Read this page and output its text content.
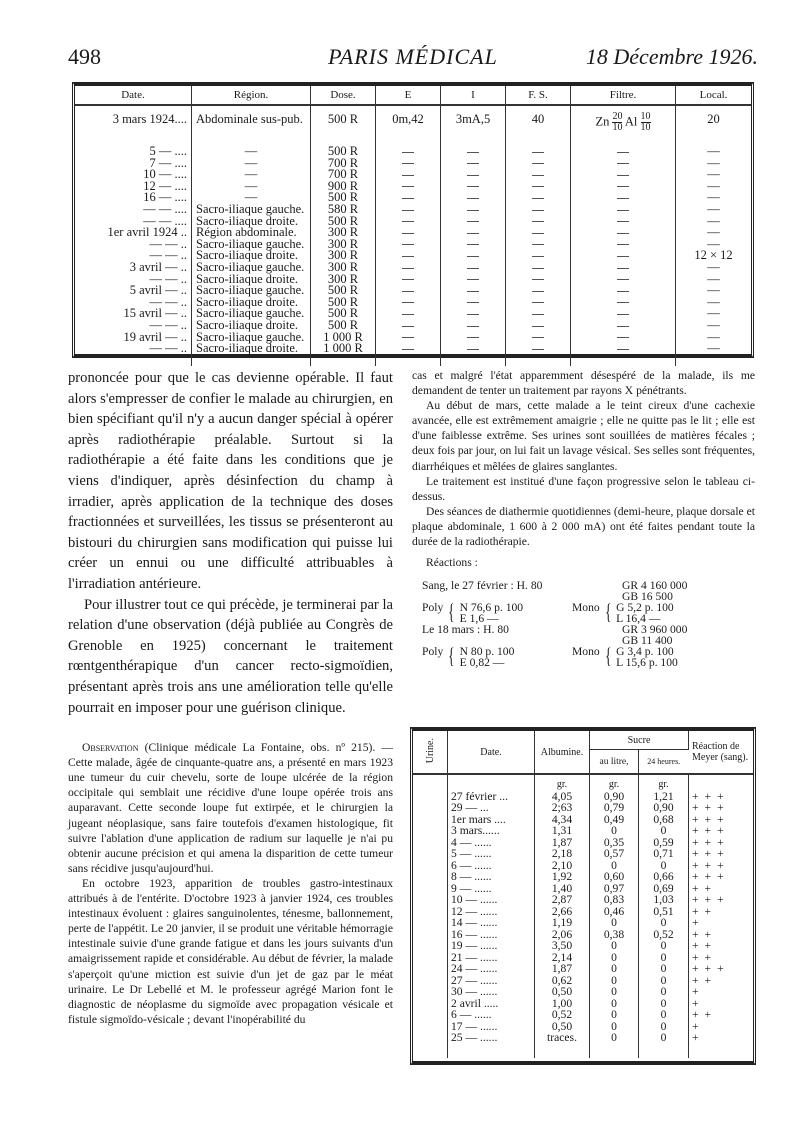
498	PARIS MÉDICAL	18 Décembre 1926.
Date.	Région.	Dose.	E	I	F. S.	Filtre.	Local.
3 mars 1924....	Abdominale sus-pub.	500 R	0m,42	3mA,5	40	Zn $\frac{20}{10}$ Al $\frac{10}{10}$	20
5 — ....	—	500 R					—
7 — ....	—	700 R					—
10 — ....	—	700 R					—
12 — ....	—	900 R					—
16 — ....	—	500 R					—
— — ....	Sacro-iliaque gauche.	580 R					—
— — ....	Sacro-iliaque droite.	500 R					—
1er avril 1924 ..	Région abdominale.	300 R					—
— — ..	Sacro-iliaque gauche.	300 R					—
— — ..	Sacro-iliaque droite.	300 R					12 × 12
3 avril — ..	Sacro-iliaque gauche.	300 R					—
— — ..	Sacro-iliaque droite.	300 R					—
5 avril — ..	Sacro-iliaque gauche.	500 R					—
— — ..	Sacro-iliaque droite.	500 R					—
15 avril — ..	Sacro-iliaque gauche.	500 R					—
— — ..	Sacro-iliaque droite.	500 R					—
19 avril — ..	Sacro-iliaque gauche.	1 000 R					—
— — ..	Sacro-iliaque droite.	1 000 R					—

prononcée pour que le cas devienne opérable. Il faut alors s'empresser de confier le malade au chirurgien, en bien spécifiant qu'il n'y a aucun danger spécial à opérer après radiothérapie préalable. Surtout si la radiothérapie a été faite dans les conditions que je viens d'indiquer, après désinfection du champ à irradier, après application de la technique des doses fractionnées et surveillées, les tissus se présenteront au bistouri du chirurgien sans modification qui puisse lui créer un ennui ou une difficulté attribuables à l'irradiation antérieure.

Pour illustrer tout ce qui précède, je terminerai par la relation d'une observation (déjà publiée au Congrès de Grenoble en 1925) concernant le traitement rœntgenthérapique d'un cancer recto-sigmoïdien, présentant après trois ans une amélioration telle qu'elle pourrait en imposer pour une guérison clinique.

Observation (Clinique médicale La Fontaine, obs. nº 215). — Cette malade, âgée de cinquante-quatre ans, a présenté en mars 1923 une tumeur du cuir chevelu, sorte de loupe ulcérée de la région occipitale qui semblait une récidive d'une loupe opérée trois ans auparavant. Cette seconde loupe fut extirpée, et le chirurgien la jugeant néoplasique, sans faire toutefois d'examen histologique, fit suivre l'ablation d'une application de radium sur laquelle je n'ai pu obtenir aucune précision et qui amena la disparition de cette tumeur sans récidive jusqu'aujourd'hui.

En octobre 1923, apparition de troubles gastro-intestinaux attribués à de l'entérite. D'octobre 1923 à janvier 1924, ces troubles intestinaux évoluent : glaires sanguinolentes, ténesme, ballonnement, perte de l'appétit. Le 20 janvier, il se produit une véritable hémorragie intestinale suivie d'une grande fatigue et dans les jours suivants d'un amaigrissement rapide et considérable. Au début de février, la malade s'aperçoit qu'une miction est suivie d'un jet de gaz par le méat urinaire. Le Dr Lebellé et M. le professeur agrégé Marion font le diagnostic de néoplasme du sigmoïde avec propagation vésicale et fistule sigmoïdo-vésicale ; devant l'inopérabilité du

cas et malgré l'état apparemment désespéré de la malade, ils me demandent de tenter un traitement par rayons X pénétrants.

Au début de mars, cette malade a le teint cireux d'une cachexie avancée, elle est extrêmement amaigrie ; elle ne quitte pas le lit ; elle est d'une faiblesse extrême. Ses urines sont souillées de matières fécales ; deux fois par jour, on lui fait un lavage vésical. Ses selles sont fréquentes, diarrhéiques et mêlées de glaires sanglantes.

Le traitement est institué d'une façon progressive selon le tableau ci-dessus.

Des séances de diathermie quotidiennes (demi-heure, plaque dorsale et plaque abdominale, 1 600 à 2 000 mA) ont été faites pendant toute la durée de la radiothérapie.

Réactions :

Sang, le 27 février : H. 80	GR 4 160 000
GB 16 500
Poly { N 76,6 p. 100
E 1,6 —
Mono { G 5,2 p. 100
L 16,4 —
Le 18 mars : H. 80	GR 3 960 000
GB 11 400
Poly { N 80 p. 100
E 0,82 —
Mono { G 3,4 p. 100
L 15,6 p. 100
Urine.	Date.	Albumine.	Sucre		Réaction de Meyer (sang).
			au litre,	24 heures.	
		gr.	gr.	gr.	
	27 février ...	4,05	0,90	1,21	+++
	29 — ...	2;63	0,79	0,90	+++
	1er mars ....	4,34	0,49	0,68	+++
	3 mars......	1,31	0	0	+++
	4 — ......	1,87	0,35	0,59	+++
	5 — ......	2,18	0,57	0,71	+++
	6 — ......	2,10	0	0	+++
	8 — ......	1,92	0,60	0,66	+++
	9 — ......	1,40	0,97	0,69	++
	10 — ......	2,87	0,83	1,03	+++
	12 — ......	2,66	0,46	0,51	++
	14 — ......	1,19	0	0	+
	16 — ......	2,06	0,38	0,52	++
	19 — ......	3,50	0	0	++
	21 — ......	2,14	0	0	++
	24 — ......	1,87	0	0	+++
	27 — ......	0,62	0	0	++
	30 — ......	0,50	0	0	+
	2 avril .....	1,00	0	0	+
	6 — ......	0,52	0	0	++
	17 — ......	0,50	0	0	+
	25 — ......	traces.	0	0	+
